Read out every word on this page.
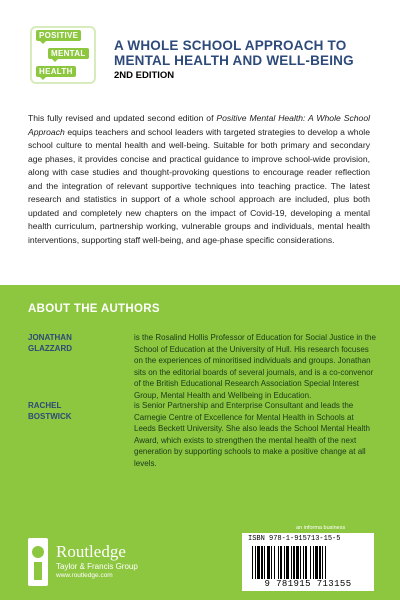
POSITIVE
MENTAL
HEALTH
A WHOLE SCHOOL APPROACH TO MENTAL HEALTH AND WELL-BEING
2ND EDITION

This fully revised and updated second edition of Positive Mental Health: A Whole School Approach equips teachers and school leaders with targeted strategies to develop a whole school culture to mental health and well-being. Suitable for both primary and secondary age phases, it provides concise and practical guidance to improve school-wide provision, along with case studies and thought-provoking questions to encourage reader reflection and the integration of relevant supportive techniques into teaching practice. The latest research and statistics in support of a whole school approach are included, plus both updated and completely new chapters on the impact of Covid-19, developing a mental health curriculum, partnership working, vulnerable groups and individuals, mental health interventions, supporting staff well-being, and age-phase specific considerations.

ABOUT THE AUTHORS
JONATHAN GLAZZARD
is the Rosalind Hollis Professor of Education for Social Justice in the School of Education at the University of Hull. His research focuses on the experiences of minoritised individuals and groups. Jonathan sits on the editorial boards of several journals, and is a co-convenor of the British Educational Research Association Special Interest Group, Mental Health and Wellbeing in Education.
RACHEL BOSTWICK
is Senior Partnership and Enterprise Consultant and leads the Carnegie Centre of Excellence for Mental Health in Schools at Leeds Beckett University. She also leads the School Mental Health Award, which exists to strengthen the mental health of the next generation by supporting schools to make a positive change at all levels.
Routledge
Taylor & Francis Group
www.routledge.com
an informa business
ISBN 978-1-915713-15-5
9 781915 713155
